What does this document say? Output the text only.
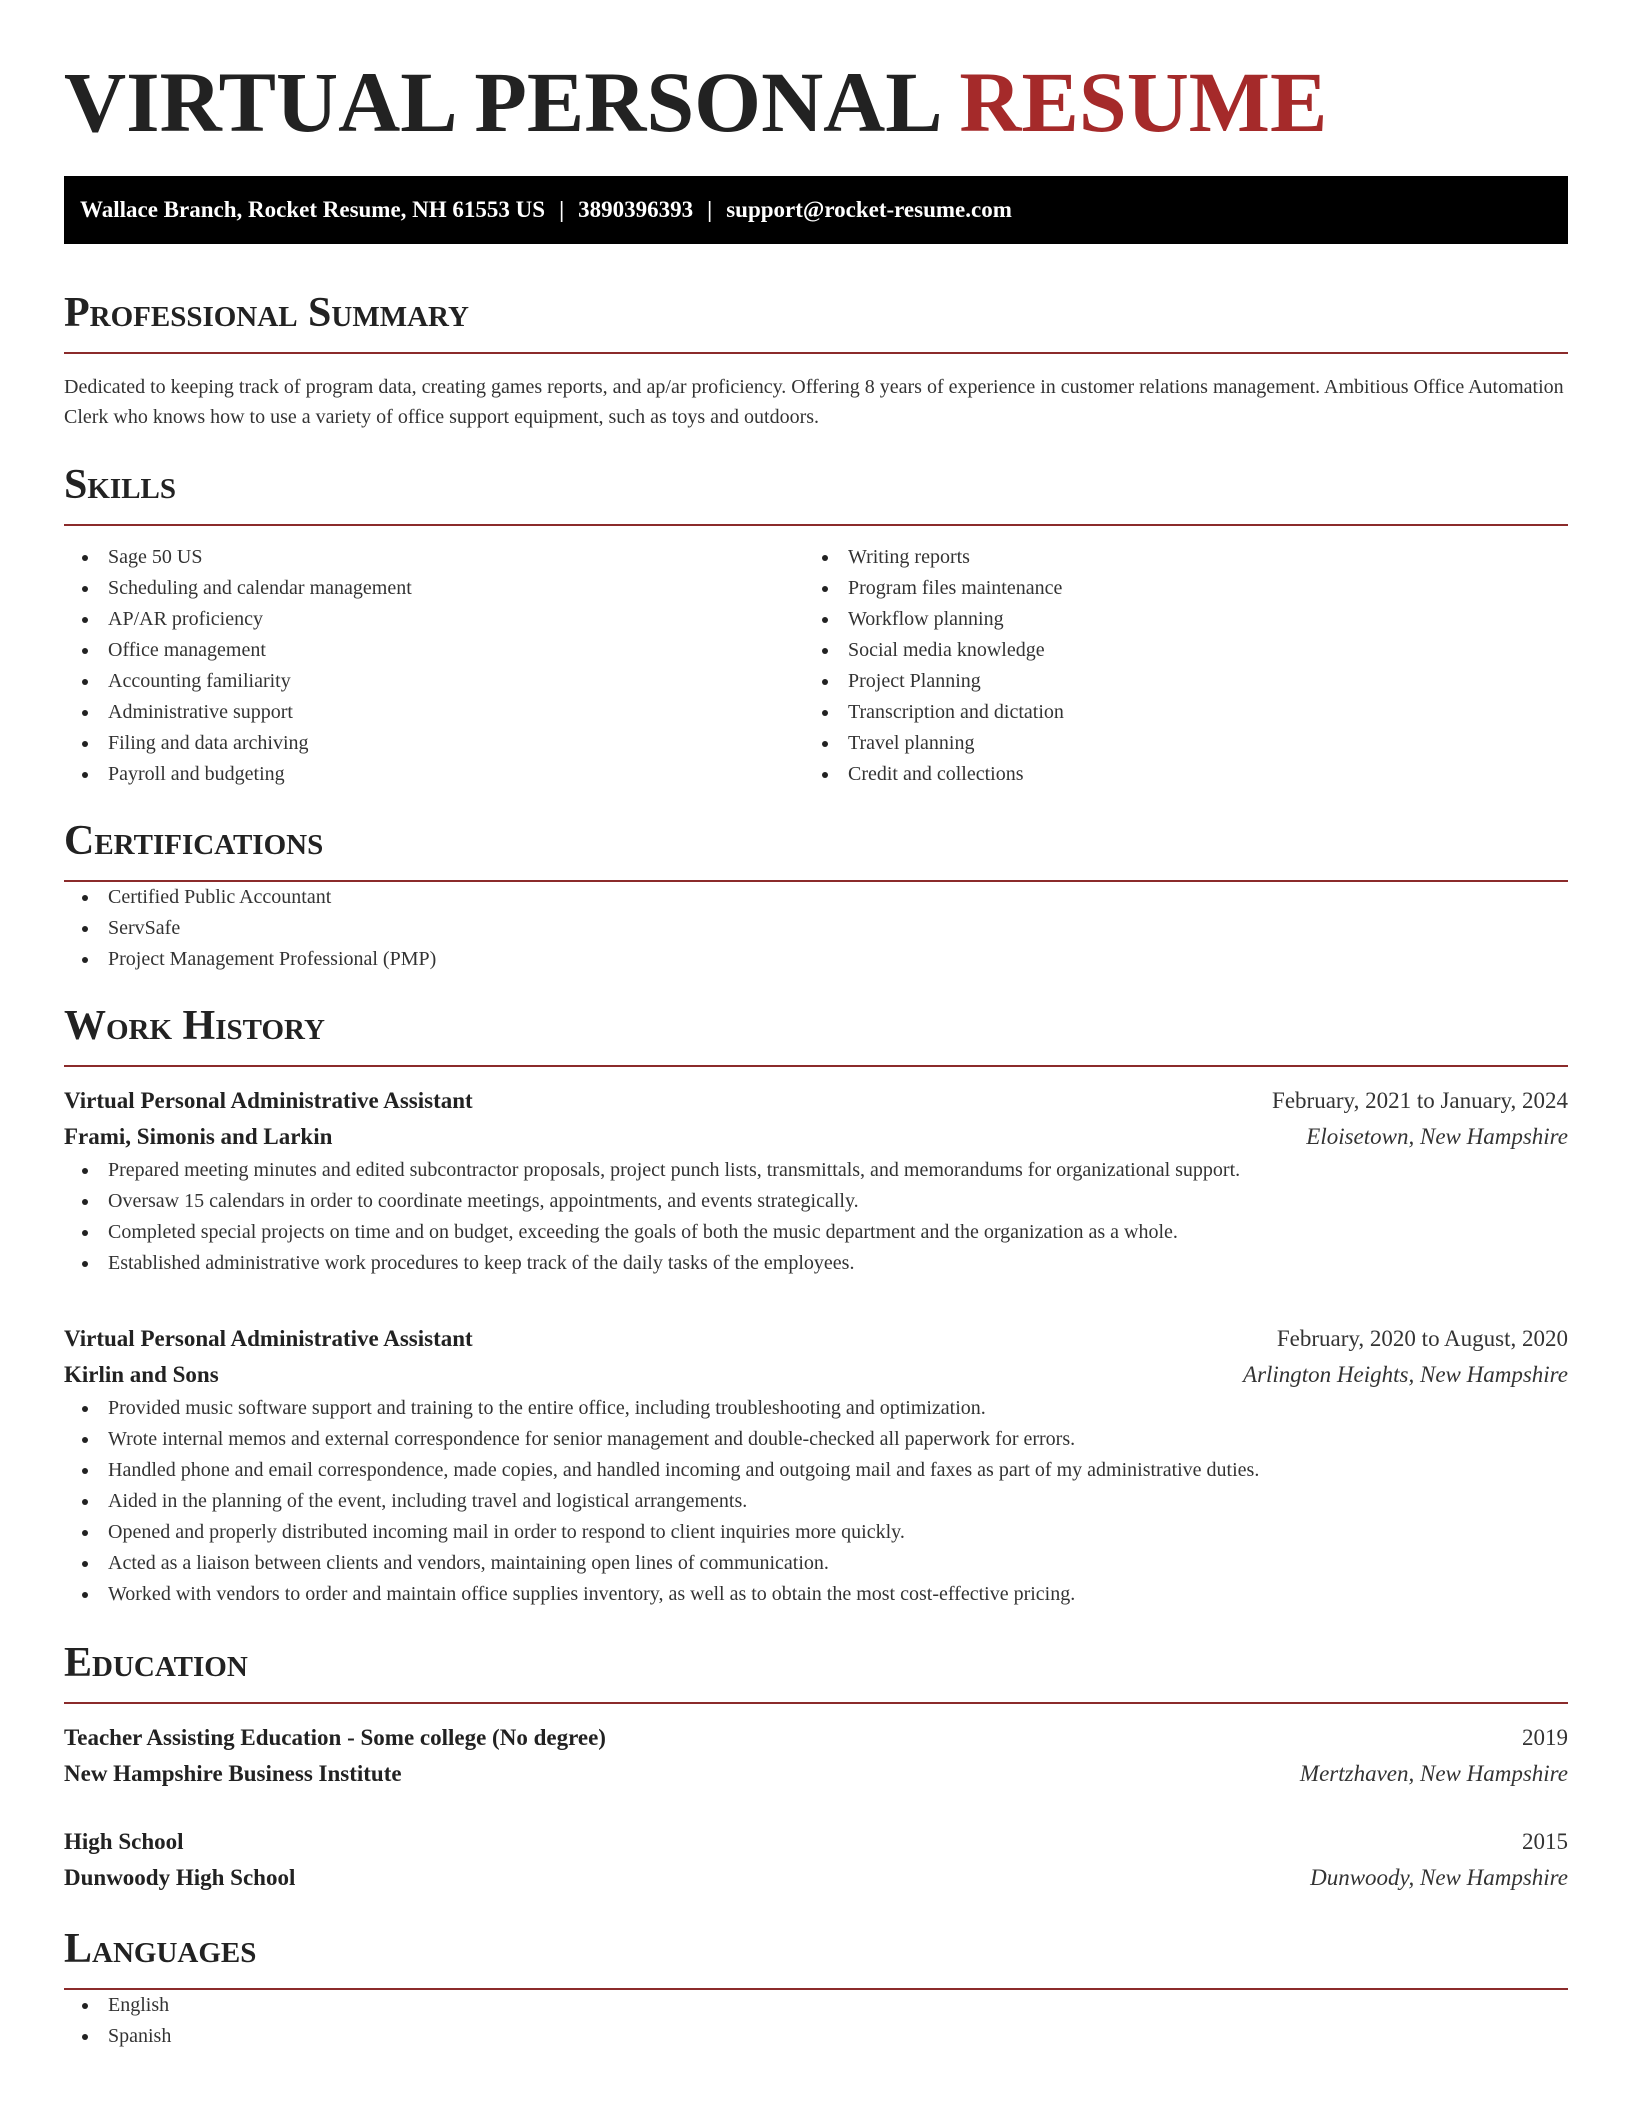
VIRTUAL PERSONAL RESUME
Wallace Branch, Rocket Resume, NH 61553 US | 3890396393 | support@rocket-resume.com
Professional Summary

Dedicated to keeping track of program data, creating games reports, and ap/ar proficiency. Offering 8 years of experience in customer relations management. Ambitious Office Automation Clerk who knows how to use a variety of office support equipment, such as toys and outdoors.

Skills
Sage 50 US
Scheduling and calendar management
AP/AR proficiency
Office management
Accounting familiarity
Administrative support
Filing and data archiving
Payroll and budgeting
Writing reports
Program files maintenance
Workflow planning
Social media knowledge
Project Planning
Transcription and dictation
Travel planning
Credit and collections
Certifications
Certified Public Accountant
ServSafe
Project Management Professional (PMP)
Work History
Virtual Personal Administrative Assistant	February, 2021 to January, 2024
Frami, Simonis and Larkin	Eloisetown, New Hampshire
Prepared meeting minutes and edited subcontractor proposals, project punch lists, transmittals, and memorandums for organizational support.
Oversaw 15 calendars in order to coordinate meetings, appointments, and events strategically.
Completed special projects on time and on budget, exceeding the goals of both the music department and the organization as a whole.
Established administrative work procedures to keep track of the daily tasks of the employees.
Virtual Personal Administrative Assistant	February, 2020 to August, 2020
Kirlin and Sons	Arlington Heights, New Hampshire
Provided music software support and training to the entire office, including troubleshooting and optimization.
Wrote internal memos and external correspondence for senior management and double-checked all paperwork for errors.
Handled phone and email correspondence, made copies, and handled incoming and outgoing mail and faxes as part of my administrative duties.
Aided in the planning of the event, including travel and logistical arrangements.
Opened and properly distributed incoming mail in order to respond to client inquiries more quickly.
Acted as a liaison between clients and vendors, maintaining open lines of communication.
Worked with vendors to order and maintain office supplies inventory, as well as to obtain the most cost-effective pricing.
Education
Teacher Assisting Education - Some college (No degree)	2019
New Hampshire Business Institute	Mertzhaven, New Hampshire
High School	2015
Dunwoody High School	Dunwoody, New Hampshire
Languages
English
Spanish
